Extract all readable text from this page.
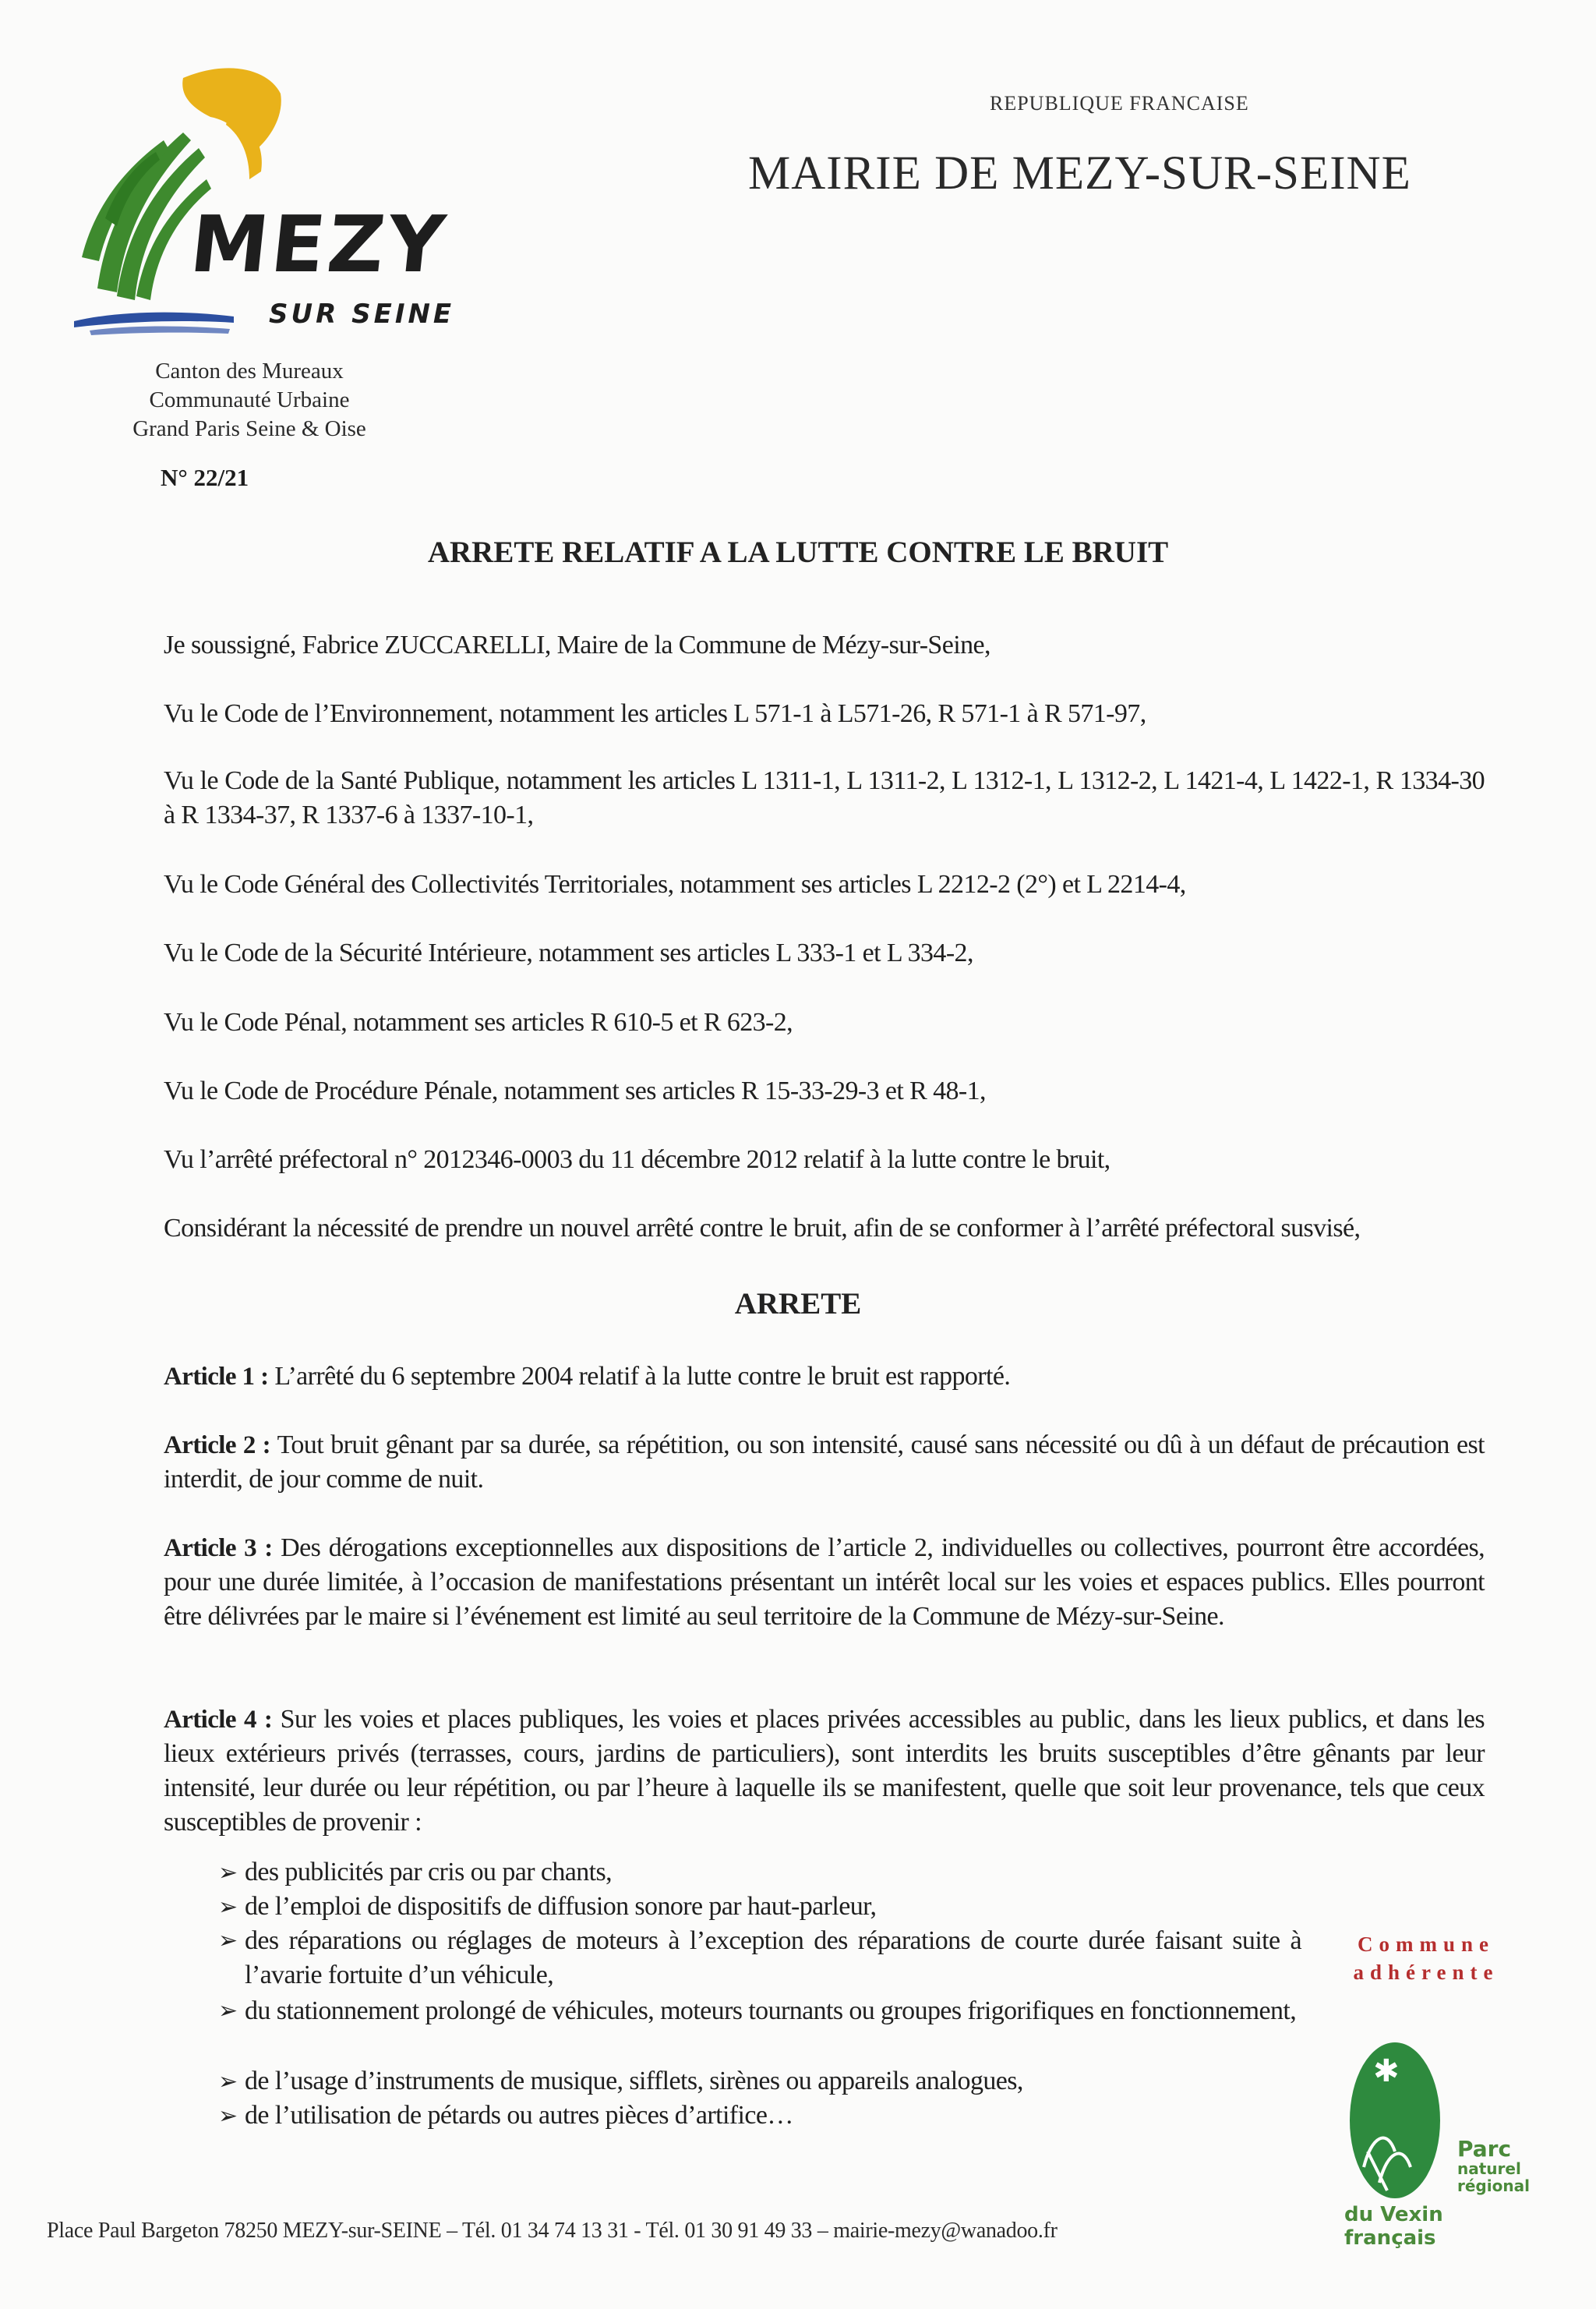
MEZY
SUR SEINE
Canton des Mureaux
Communauté Urbaine
Grand Paris Seine & Oise
N° 22/21
REPUBLIQUE FRANCAISE
MAIRIE DE MEZY-SUR-SEINE
ARRETE RELATIF A LA LUTTE CONTRE LE BRUIT
Je soussigné, Fabrice ZUCCARELLI, Maire de la Commune de Mézy-sur-Seine,
Vu le Code de l’Environnement, notamment les articles L 571-1 à L571-26, R 571-1 à R 571-97,
Vu le Code de la Santé Publique, notamment les articles L 1311-1, L 1311-2, L 1312-1, L 1312-2, L 1421-4, L 1422-1, R 1334-30 à R 1334-37, R 1337-6 à 1337-10-1,
Vu le Code Général des Collectivités Territoriales, notamment ses articles L 2212-2 (2°) et L 2214-4,
Vu le Code de la Sécurité Intérieure, notamment ses articles L 333-1 et L 334-2,
Vu le Code Pénal, notamment ses articles R 610-5 et R 623-2,
Vu le Code de Procédure Pénale, notamment ses articles R 15-33-29-3 et R 48-1,
Vu l’arrêté préfectoral n° 2012346-0003 du 11 décembre 2012 relatif à la lutte contre le bruit,
Considérant la nécessité de prendre un nouvel arrêté contre le bruit, afin de se conformer à l’arrêté préfectoral susvisé,
ARRETE
Article 1 : L’arrêté du 6 septembre 2004 relatif à la lutte contre le bruit est rapporté.
Article 2 : Tout bruit gênant par sa durée, sa répétition, ou son intensité, causé sans nécessité ou dû à un défaut de précaution est interdit, de jour comme de nuit.
Article 3 : Des dérogations exceptionnelles aux dispositions de l’article 2, individuelles ou collectives, pourront être accordées, pour une durée limitée, à l’occasion de manifestations présentant un intérêt local sur les voies et espaces publics. Elles pourront être délivrées par le maire si l’événement est limité au seul territoire de la Commune de Mézy-sur-Seine.
Article 4 : Sur les voies et places publiques, les voies et places privées accessibles au public, dans les lieux publics, et dans les lieux extérieurs privés (terrasses, cours, jardins de particuliers), sont interdits les bruits susceptibles d’être gênants par leur intensité, leur durée ou leur répétition, ou par l’heure à laquelle ils se manifestent, quelle que soit leur provenance, tels que ceux susceptibles de provenir :
➢ des publicités par cris ou par chants,
➢ de l’emploi de dispositifs de diffusion sonore par haut-parleur,
➢ des réparations ou réglages de moteurs à l’exception des réparations de courte durée faisant suite à l’avarie fortuite d’un véhicule,
➢ du stationnement prolongé de véhicules, moteurs tournants ou groupes frigorifiques en fonctionnement,
➢ de l’usage d’instruments de musique, sifflets, sirènes ou appareils analogues,
➢ de l’utilisation de pétards ou autres pièces d’artifice…
Commune
adhérente
✱
Parc
naturel
régional
du Vexin français
Place Paul Bargeton 78250 MEZY-sur-SEINE – Tél. 01 34 74 13 31 - Tél. 01 30 91 49 33 – mairie-mezy@wanadoo.fr
